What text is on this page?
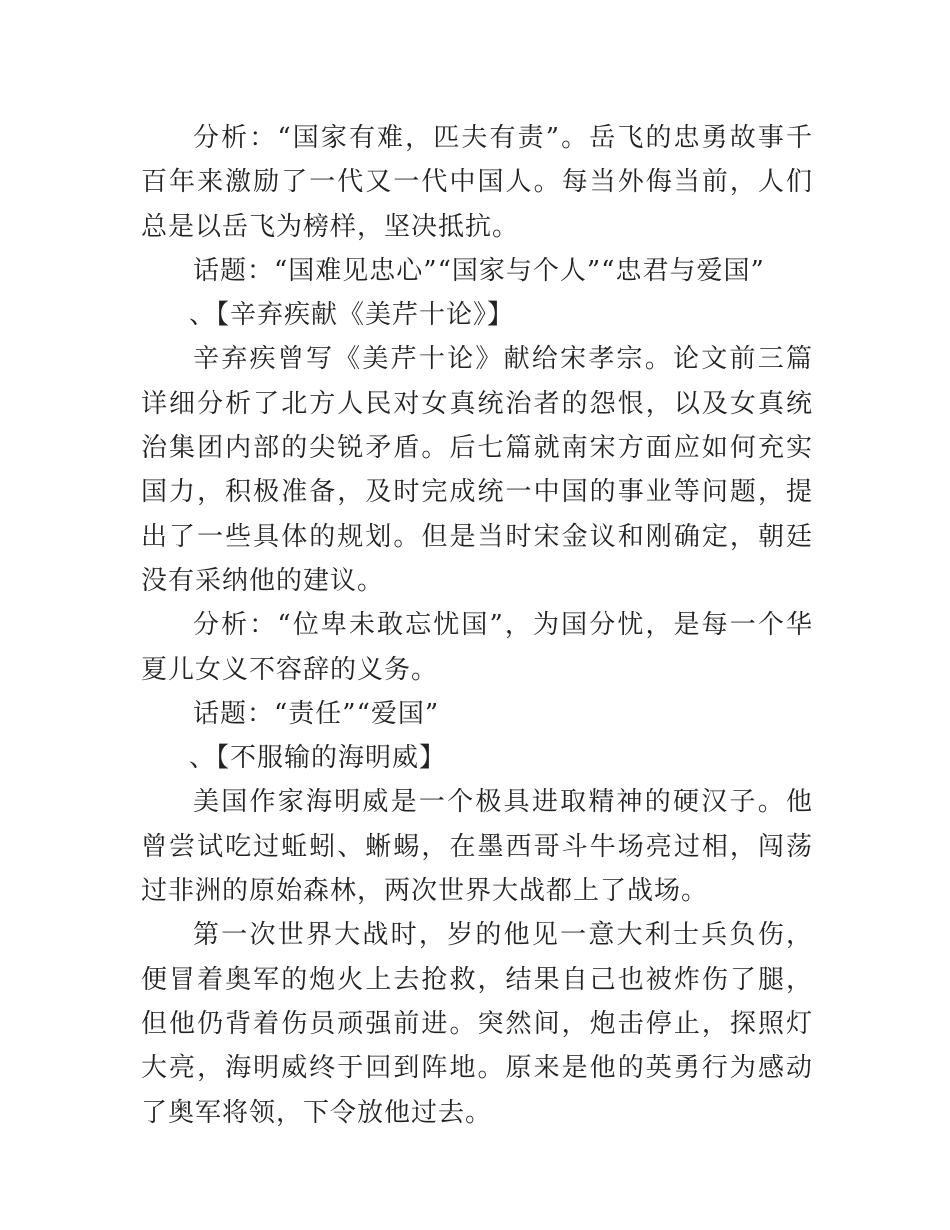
分析：“国家有难，匹夫有责”。岳飞的忠勇故事千百年来激励了一代又一代中国人。每当外侮当前，人们总是以岳飞为榜样，坚决抵抗。

话题：“国难见忠心”“国家与个人”“忠君与爱国”

、【辛弃疾献《美芹十论》】

辛弃疾曾写《美芹十论》献给宋孝宗。论文前三篇详细分析了北方人民对女真统治者的怨恨，以及女真统治集团内部的尖锐矛盾。后七篇就南宋方面应如何充实国力，积极准备，及时完成统一中国的事业等问题，提出了一些具体的规划。但是当时宋金议和刚确定，朝廷没有采纳他的建议。

分析：“位卑未敢忘忧国”，为国分忧，是每一个华夏儿女义不容辞的义务。

话题：“责任”“爱国”

、【不服输的海明威】

美国作家海明威是一个极具进取精神的硬汉子。他曾尝试吃过蚯蚓、蜥蜴，在墨西哥斗牛场亮过相，闯荡过非洲的原始森林，两次世界大战都上了战场。

第一次世界大战时，岁的他见一意大利士兵负伤，便冒着奥军的炮火上去抢救，结果自己也被炸伤了腿，但他仍背着伤员顽强前进。突然间，炮击停止，探照灯大亮，海明威终于回到阵地。原来是他的英勇行为感动了奥军将领，下令放他过去。
